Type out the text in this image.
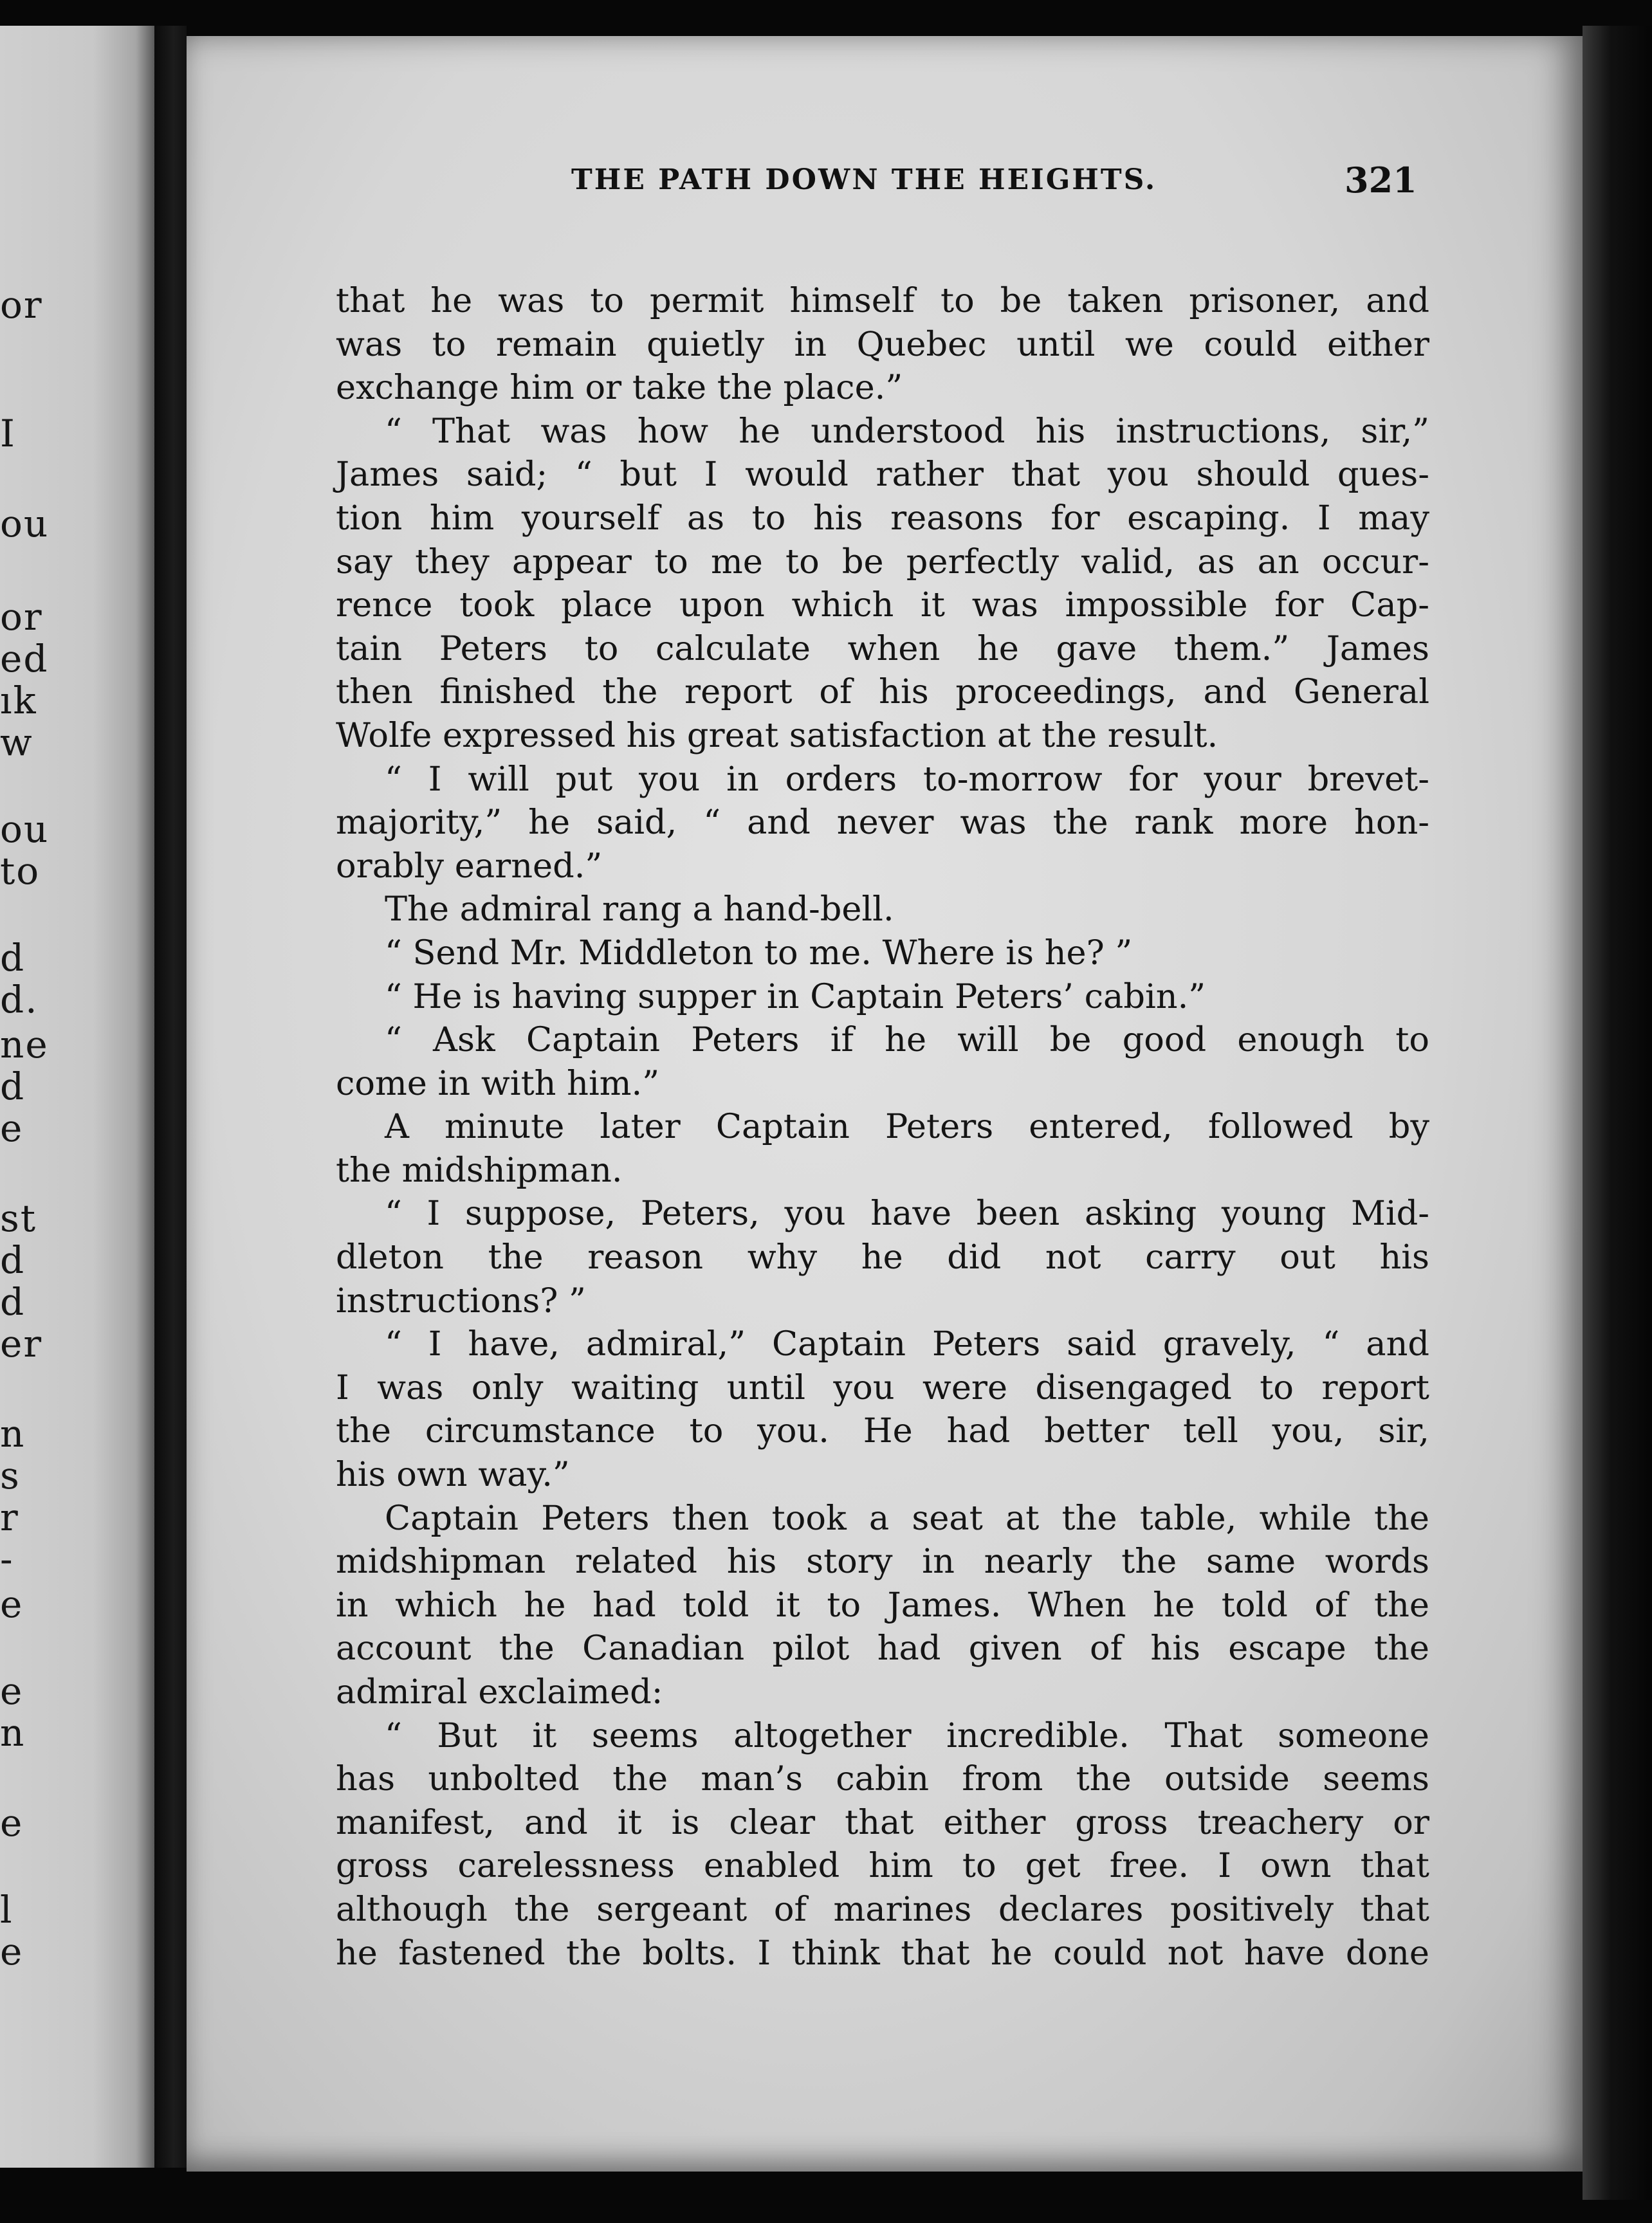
or
I
ou
or
ed
ık
w
ou
to
d
d.
ne
d
e
st
d
d
er
n
s
r
-
e
e
n
e
l
e
THE PATH DOWN THE HEIGHTS.	321
that he was to permit himself to be taken prisoner, and
was to remain quietly in Quebec until we could either
exchange him or take the place.”
“ That was how he understood his instructions, sir,”
James said; “ but I would rather that you should ques-
tion him yourself as to his reasons for escaping. I may
say they appear to me to be perfectly valid, as an occur-
rence took place upon which it was impossible for Cap-
tain Peters to calculate when he gave them.” James
then finished the report of his proceedings, and General
Wolfe expressed his great satisfaction at the result.
“ I will put you in orders to-morrow for your brevet-
majority,” he said, “ and never was the rank more hon-
orably earned.”
The admiral rang a hand-bell.
“ Send Mr. Middleton to me. Where is he? ”
“ He is having supper in Captain Peters’ cabin.”
“ Ask Captain Peters if he will be good enough to
come in with him.”
A minute later Captain Peters entered, followed by
the midshipman.
“ I suppose, Peters, you have been asking young Mid-
dleton the reason why he did not carry out his
instructions? ”
“ I have, admiral,” Captain Peters said gravely, “ and
I was only waiting until you were disengaged to report
the circumstance to you. He had better tell you, sir,
his own way.”
Captain Peters then took a seat at the table, while the
midshipman related his story in nearly the same words
in which he had told it to James. When he told of the
account the Canadian pilot had given of his escape the
admiral exclaimed:
“ But it seems altogether incredible. That someone
has unbolted the man’s cabin from the outside seems
manifest, and it is clear that either gross treachery or
gross carelessness enabled him to get free. I own that
although the sergeant of marines declares positively that
he fastened the bolts. I think that he could not have done
